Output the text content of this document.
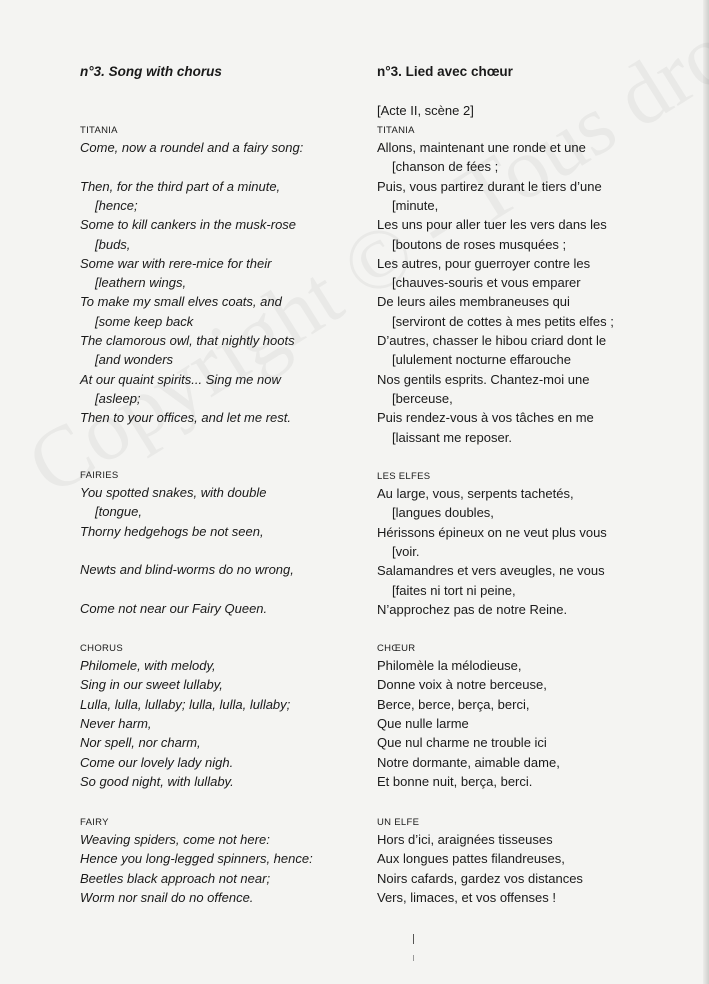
n°3. Song with chorus
TITANIA
Come, now a roundel and a fairy song:
Then, for the third part of a minute,
[hence;
Some to kill cankers in the musk-rose
[buds,
Some war with rere-mice for their
[leathern wings,
To make my small elves coats, and
[some keep back
The clamorous owl, that nightly hoots
[and wonders
At our quaint spirits... Sing me now
[asleep;
Then to your offices, and let me rest.
FAIRIES
You spotted snakes, with double
[tongue,
Thorny hedgehogs be not seen,
Newts and blind-worms do no wrong,
Come not near our Fairy Queen.
CHORUS
Philomele, with melody,
Sing in our sweet lullaby,
Lulla, lulla, lullaby; lulla, lulla, lullaby;
Never harm,
Nor spell, nor charm,
Come our lovely lady nigh.
So good night, with lullaby.
FAIRY
Weaving spiders, come not here:
Hence you long-legged spinners, hence:
Beetles black approach not near;
Worm nor snail do no offence.
n°3. Lied avec chœur
[Acte II, scène 2]
TITANIA
Allons, maintenant une ronde et une
[chanson de fées ;
Puis, vous partirez durant le tiers d’une
[minute,
Les uns pour aller tuer les vers dans les
[boutons de roses musquées ;
Les autres, pour guerroyer contre les
[chauves-souris et vous emparer
De leurs ailes membraneuses qui
[serviront de cottes à mes petits elfes ;
D’autres, chasser le hibou criard dont le
[ululement nocturne effarouche
Nos gentils esprits. Chantez-moi une
[berceuse,
Puis rendez-vous à vos tâches en me
[laissant me reposer.
LES ELFES
Au large, vous, serpents tachetés,
[langues doubles,
Hérissons épineux on ne veut plus vous
[voir.
Salamandres et vers aveugles, ne vous
[faites ni tort ni peine,
N’approchez pas de notre Reine.
CHŒUR
Philomèle la mélodieuse,
Donne voix à notre berceuse,
Berce, berce, berça, berci,
Que nulle larme
Que nul charme ne trouble ici
Notre dormante, aimable dame,
Et bonne nuit, berça, berci.
UN ELFE
Hors d’ici, araignées tisseuses
Aux longues pattes filandreuses,
Noirs cafards, gardez vos distances
Vers, limaces, et vos offenses !
